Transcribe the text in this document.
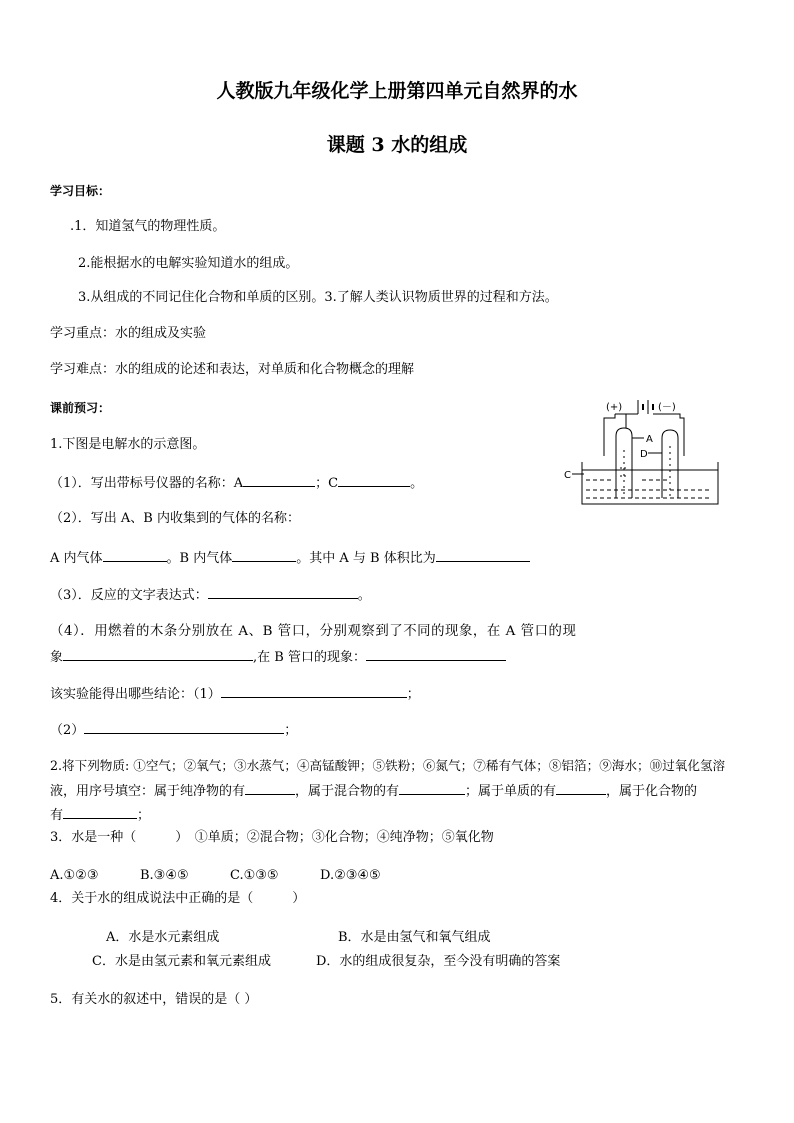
人教版九年级化学上册第四单元自然界的水
课题 3 水的组成
学习目标：
.1．知道氢气的物理性质。
2.能根据水的电解实验知道水的组成。
3.从组成的不同记住化合物和单质的区别。3.了解人类认识物质世界的过程和方法。
学习重点：水的组成及实验
学习难点：水的组成的论述和表达，对单质和化合物概念的理解
课前预习：
1.下图是电解水的示意图。
（1）．写出带标号仪器的名称：A	；C	。
（2）．写出 A、B 内收集到的气体的名称：
A 内气体	。B 内气体	。其中 A 与 B 体积比为
（3）．反应的文字表达式：	。
（4）．用燃着的木条分别放在 A、B 管口，分别观察到了不同的现象，在 A 管口的现
象	,在 B 管口的现象：
该实验能得出哪些结论：（1）	；
（2）	；
2.将下列物质: ①空气；②氧气；③水蒸气；④高锰酸钾；⑤铁粉；⑥氮气；⑦稀有气体；⑧铝箔；⑨海水；⑩过氧化氢溶
液，用序号填空：属于纯净物的有	，属于混合物的有	；属于单质的有	，属于化合物的
有	；
3．水是一种（　　　）　①单质；②混合物；③化合物；④纯净物；⑤氧化物
A.①②③	B.③④⑤	C.①③⑤	D.②③④⑤
4．关于水的组成说法中正确的是（　　　）
A．水是水元素组成	B．水是由氢气和氧气组成
C．水是由氢元素和氧元素组成	D．水的组成很复杂，至今没有明确的答案
5．有关水的叙述中，错误的是（ ）
(+)	(－)
A
D
C
